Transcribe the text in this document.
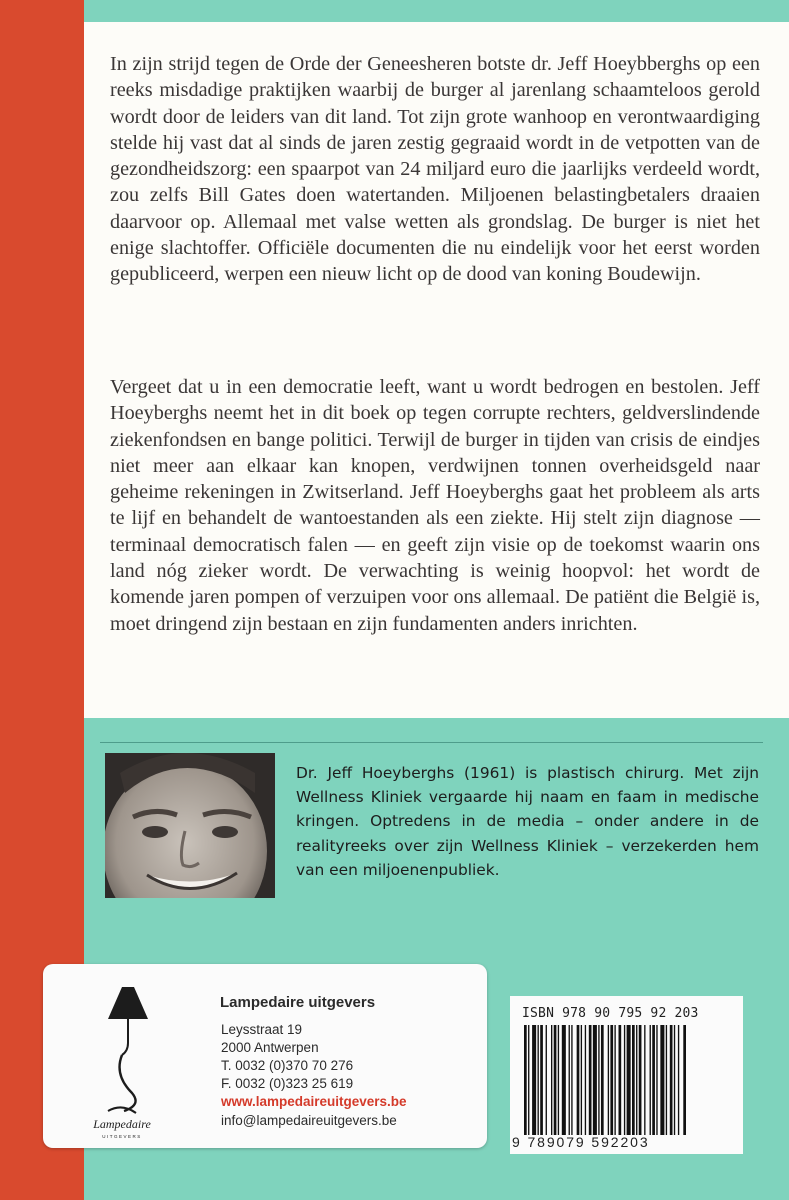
In zijn strijd tegen de Orde der Geneesheren botste dr. Jeff Hoeybberghs op een reeks misdadige praktijken waarbij de burger al jarenlang schaamteloos gerold wordt door de leiders van dit land. Tot zijn grote wanhoop en verontwaardiging stelde hij vast dat al sinds de jaren zestig gegraaid wordt in de vetpotten van de gezondheidszorg: een spaarpot van 24 miljard euro die jaarlijks verdeeld wordt, zou zelfs Bill Gates doen watertanden. Miljoenen belastingbetalers draaien daarvoor op. Allemaal met valse wetten als grondslag. De burger is niet het enige slachtoffer. Officiële documenten die nu eindelijk voor het eerst worden gepubliceerd, werpen een nieuw licht op de dood van koning Boudewijn.

Vergeet dat u in een democratie leeft, want u wordt bedrogen en bestolen. Jeff Hoeyberghs neemt het in dit boek op tegen corrupte rechters, geldverslindende ziekenfondsen en bange politici. Terwijl de burger in tijden van crisis de eindjes niet meer aan elkaar kan knopen, verdwijnen tonnen overheidsgeld naar geheime rekeningen in Zwitserland. Jeff Hoeyberghs gaat het probleem als arts te lijf en behandelt de wantoestanden als een ziekte. Hij stelt zijn diagnose — terminaal democratisch falen — en geeft zijn visie op de toekomst waarin ons land nóg zieker wordt. De verwachting is weinig hoopvol: het wordt de komende jaren pompen of verzuipen voor ons allemaal. De patiënt die België is, moet dringend zijn bestaan en zijn fundamenten anders inrichten.

Dr. Jeff Hoeyberghs (1961) is plastisch chirurg. Met zijn Wellness Kliniek vergaarde hij naam en faam in medische kringen. Optredens in de media – onder andere in de realityreeks over zijn Wellness Kliniek – verzekerden hem van een miljoenenpubliek.

Lampedaire
UITGEVERS
Lampedaire uitgevers
Leysstraat 19
2000 Antwerpen
T. 0032 (0)370 70 276
F. 0032 (0)323 25 619
www.lampedaireuitgevers.be
info@lampedaireuitgevers.be
ISBN 978 90 795 92 203
9 789079 592203
